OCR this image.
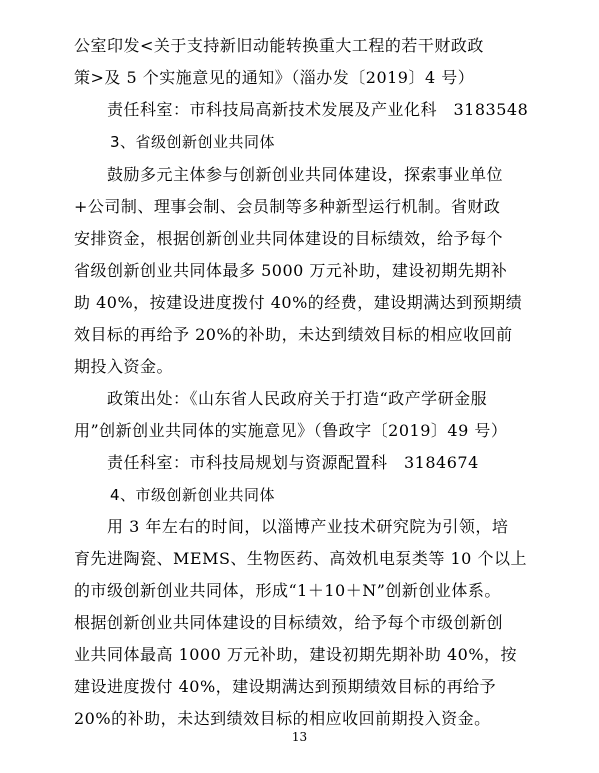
公室印发<关于支持新旧动能转换重大工程的若干财政政
策>及 5 个实施意见的通知》（淄办发〔2019〕4 号）
责任科室：市科技局高新技术发展及产业化科　3183548
3、省级创新创业共同体
鼓励多元主体参与创新创业共同体建设，探索事业单位
+公司制、理事会制、会员制等多种新型运行机制。省财政
安排资金，根据创新创业共同体建设的目标绩效，给予每个
省级创新创业共同体最多 5000 万元补助，建设初期先期补
助 40%，按建设进度拨付 40%的经费，建设期满达到预期绩
效目标的再给予 20%的补助，未达到绩效目标的相应收回前
期投入资金。
政策出处：《山东省人民政府关于打造“政产学研金服
用”创新创业共同体的实施意见》（鲁政字〔2019〕49 号）
责任科室：市科技局规划与资源配置科　3184674
4、市级创新创业共同体
用 3 年左右的时间，以淄博产业技术研究院为引领，培
育先进陶瓷、MEMS、生物医药、高效机电泵类等 10 个以上
的市级创新创业共同体，形成“1＋10＋N”创新创业体系。
根据创新创业共同体建设的目标绩效，给予每个市级创新创
业共同体最高 1000 万元补助，建设初期先期补助 40%，按
建设进度拨付 40%，建设期满达到预期绩效目标的再给予
20%的补助，未达到绩效目标的相应收回前期投入资金。
13
